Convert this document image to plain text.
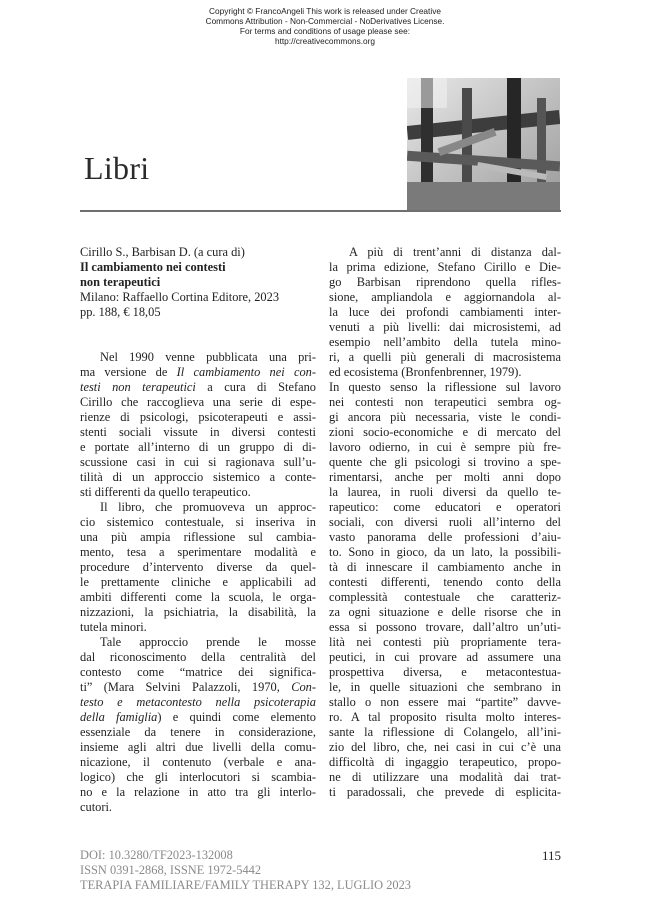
Copyright © FrancoAngeli This work is released under Creative
Commons Attribution - Non-Commercial - NoDerivatives License.
For terms and conditions of usage please see:
http://creativecommons.org
Libri
Cirillo S., Barbisan D. (a cura di)
Il cambiamento nei contesti
non terapeutici
Milano: Raffaello Cortina Editore, 2023
pp. 188, € 18,05
Nel 1990 venne pubblicata una pri-
ma versione de Il cambiamento nei con-
testi non terapeutici a cura di Stefano
Cirillo che raccoglieva una serie di espe-
rienze di psicologi, psicoterapeuti e assi-
stenti sociali vissute in diversi contesti
e portate all’interno di un gruppo di di-
scussione casi in cui si ragionava sull’u-
tilità di un approccio sistemico a conte-
sti differenti da quello terapeutico.
Il libro, che promuoveva un approc-
cio sistemico contestuale, si inseriva in
una più ampia riflessione sul cambia-
mento, tesa a sperimentare modalità e
procedure d’intervento diverse da quel-
le prettamente cliniche e applicabili ad
ambiti differenti come la scuola, le orga-
nizzazioni, la psichiatria, la disabilità, la
tutela minori.
Tale approccio prende le mosse
dal riconoscimento della centralità del
contesto come “matrice dei significa-
ti” (Mara Selvini Palazzoli, 1970, Con-
testo e metacontesto nella psicoterapia
della famiglia) e quindi come elemento
essenziale da tenere in considerazione,
insieme agli altri due livelli della comu-
nicazione, il contenuto (verbale e ana-
logico) che gli interlocutori si scambia-
no e la relazione in atto tra gli interlo-
cutori.
A più di trent’anni di distanza dal-
la prima edizione, Stefano Cirillo e Die-
go Barbisan riprendono quella rifles-
sione, ampliandola e aggiornandola al-
la luce dei profondi cambiamenti inter-
venuti a più livelli: dai microsistemi, ad
esempio nell’ambito della tutela mino-
ri, a quelli più generali di macrosistema
ed ecosistema (Bronfenbrenner, 1979).
In questo senso la riflessione sul lavoro
nei contesti non terapeutici sembra og-
gi ancora più necessaria, viste le condi-
zioni socio-economiche e di mercato del
lavoro odierno, in cui è sempre più fre-
quente che gli psicologi si trovino a spe-
rimentarsi, anche per molti anni dopo
la laurea, in ruoli diversi da quello te-
rapeutico: come educatori e operatori
sociali, con diversi ruoli all’interno del
vasto panorama delle professioni d’aiu-
to. Sono in gioco, da un lato, la possibili-
tà di innescare il cambiamento anche in
contesti differenti, tenendo conto della
complessità contestuale che caratteriz-
za ogni situazione e delle risorse che in
essa si possono trovare, dall’altro un’uti-
lità nei contesti più propriamente tera-
peutici, in cui provare ad assumere una
prospettiva diversa, e metacontestua-
le, in quelle situazioni che sembrano in
stallo o non essere mai “partite” davve-
ro. A tal proposito risulta molto interes-
sante la riflessione di Colangelo, all’ini-
zio del libro, che, nei casi in cui c’è una
difficoltà di ingaggio terapeutico, propo-
ne di utilizzare una modalità dai trat-
ti paradossali, che prevede di esplicita-
DOI: 10.3280/TF2023-132008
ISSN 0391-2868, ISSNE 1972-5442
TERAPIA FAMILIARE/FAMILY THERAPY 132, LUGLIO 2023
115
